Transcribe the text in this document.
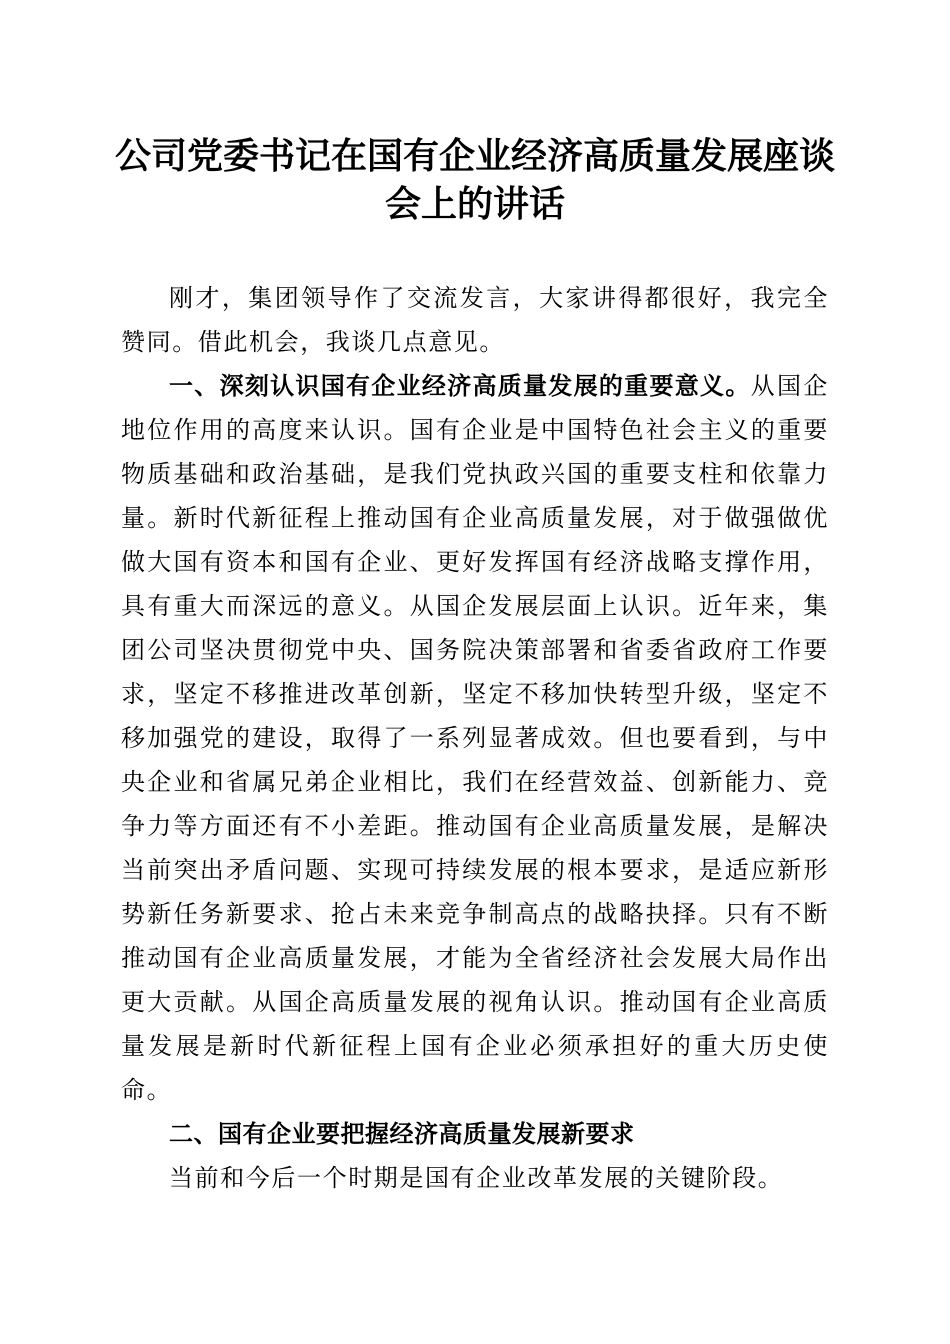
公司党委书记在国有企业经济高质量发展座谈会上的讲话

刚才，集团领导作了交流发言，大家讲得都很好，我完全赞同。借此机会，我谈几点意见。

一、深刻认识国有企业经济高质量发展的重要意义。从国企地位作用的高度来认识。国有企业是中国特色社会主义的重要物质基础和政治基础，是我们党执政兴国的重要支柱和依靠力量。新时代新征程上推动国有企业高质量发展，对于做强做优做大国有资本和国有企业、更好发挥国有经济战略支撑作用，具有重大而深远的意义。从国企发展层面上认识。近年来，集团公司坚决贯彻党中央、国务院决策部署和省委省政府工作要求，坚定不移推进改革创新，坚定不移加快转型升级，坚定不移加强党的建设，取得了一系列显著成效。但也要看到，与中央企业和省属兄弟企业相比，我们在经营效益、创新能力、竞争力等方面还有不小差距。推动国有企业高质量发展，是解决当前突出矛盾问题、实现可持续发展的根本要求，是适应新形势新任务新要求、抢占未来竞争制高点的战略抉择。只有不断推动国有企业高质量发展，才能为全省经济社会发展大局作出更大贡献。从国企高质量发展的视角认识。推动国有企业高质量发展是新时代新征程上国有企业必须承担好的重大历史使命。

二、国有企业要把握经济高质量发展新要求

当前和今后一个时期是国有企业改革发展的关键阶段。
